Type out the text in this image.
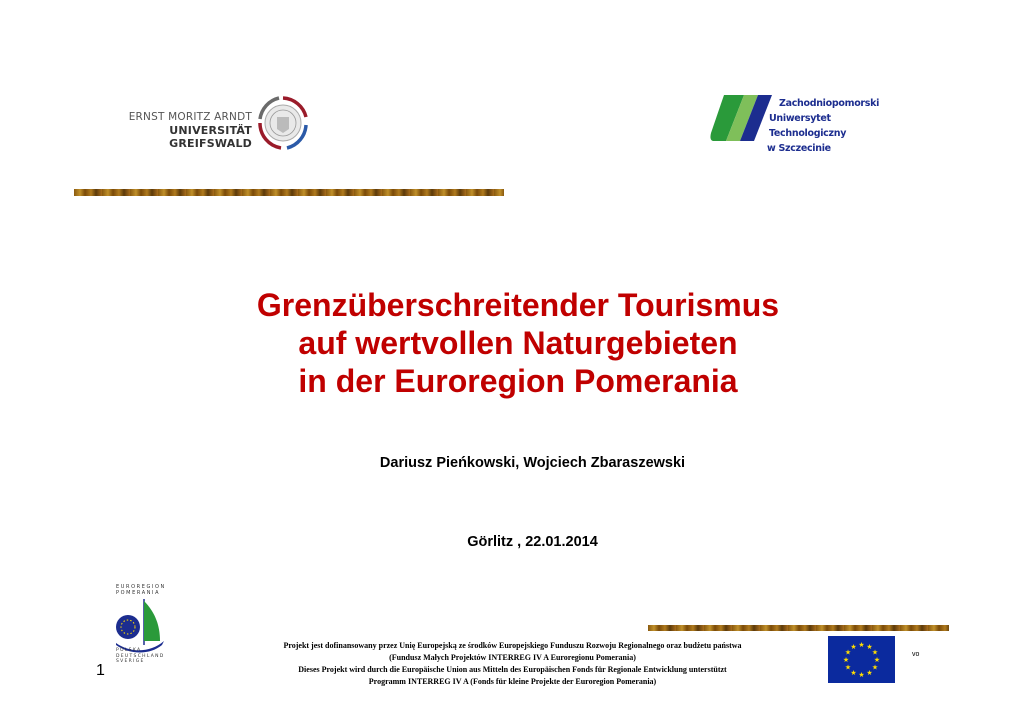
ERNST MORITZ ARNDT
UNIVERSITÄT GREIFSWALD
Zachodniopomorski
Uniwersytet Technologiczny
w Szczecinie
Grenzüberschreitender Tourismus
auf wertvollen Naturgebieten
in der Euroregion Pomerania
Dariusz Pieńkowski, Wojciech Zbaraszewski
Görlitz , 22.01.2014
EUROREGION
POMERANIA
POLSKA
DEUTSCHLAND
SVERIGE
1
Projekt jest dofinansowany przez Unię Europejską ze środków Europejskiego Funduszu Rozwoju Regionalnego oraz budżetu państwa
(Fundusz Małych Projektów INTERREG IV A Euroregionu Pomerania)
Dieses Projekt wird durch die Europäische Union aus Mitteln des Europäischen Fonds für Regionale Entwicklung unterstützt
Programm INTERREG IV A (Fonds für kleine Projekte der Euroregion Pomerania)
★ ★
★
★
★
★
★
★
★
★
★
★
vo
